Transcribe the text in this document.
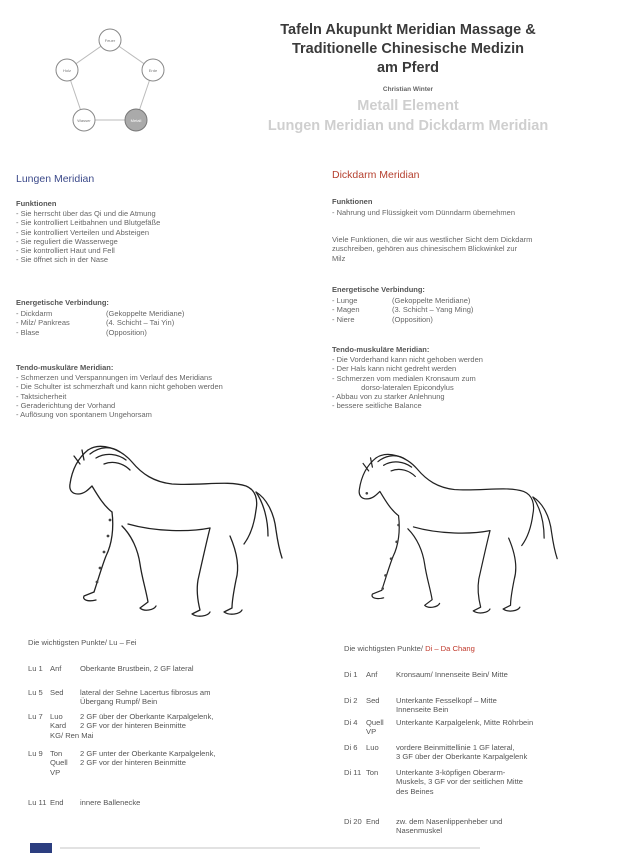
Feuer
Holz	Erde
Wasser	Metall
Tafeln Akupunkt Meridian Massage &
Traditionelle Chinesische Medizin
am Pferd
Christian Winter
Metall Element
Lungen Meridian und Dickdarm Meridian
Lungen Meridian
Funktionen
- Sie herrscht über das Qi und die Atmung
- Sie kontrolliert Leitbahnen und Blutgefäße
- Sie kontrolliert Verteilen und Absteigen
- Sie reguliert die Wasserwege
- Sie kontrolliert Haut und Fell
- Sie öffnet sich in der Nase
Energetische Verbindung:
- Dickdarm	(Gekoppelte Meridiane)
- Milz/ Pankreas	(4. Schicht – Tai Yin)
- Blase	(Opposition)
Tendo-muskuläre Meridian:
- Schmerzen und Verspannungen im Verlauf des Meridians
- Die Schulter ist schmerzhaft und kann nicht gehoben werden
- Taktsicherheit
- Geraderichtung der Vorhand
- Auflösung von spontanem Ungehorsam
Dickdarm Meridian
Funktionen
- Nahrung und Flüssigkeit vom Dünndarm übernehmen
Viele Funktionen, die wir aus westlicher Sicht dem Dickdarm
zuschreiben, gehören aus chinesischem Blickwinkel zur
Milz
Energetische Verbindung:
- Lunge	(Gekoppelte Meridiane)
- Magen	(3. Schicht – Yang Ming)
- Niere	(Opposition)
Tendo-muskuläre Meridian:
- Die Vorderhand kann nicht gehoben werden
- Der Hals kann nicht gedreht werden
- Schmerzen vom medialen Kronsaum zum
dorso-lateralen Epicondylus
- Abbau von zu starker Anlehnung
- bessere seitliche Balance
Die wichtigsten Punkte/ Lu – Fei
Lu 1 Anf Oberkante Brustbein, 2 GF lateral
Lu 5 Sed lateral der Sehne Lacertus fibrosus am
Übergang Rumpf/ Bein
Lu 7 Luo 2 GF über der Oberkante Karpalgelenk,
Kard 2 GF vor der hinteren Beinmitte
KG/ Ren Mai
Lu 9 Ton 2 GF unter der Oberkante Karpalgelenk,
Quell 2 GF vor der hinteren Beinmitte
VP
Lu 11 End innere Ballenecke
Die wichtigsten Punkte/ Di – Da Chang
Di 1 Anf Kronsaum/ Innenseite Bein/ Mitte
Di 2 Sed Unterkante Fesselkopf – Mitte
Innenseite Bein
Di 4 Quell Unterkante Karpalgelenk, Mitte Röhrbein
VP
Di 6 Luo vordere Beinmittellinie 1 GF lateral,
3 GF über der Oberkante Karpalgelenk
Di 11 Ton Unterkante 3-köpfigen Oberarm-
Muskels, 3 GF vor der seitlichen Mitte
des Beines
Di 20 End zw. dem Nasenlippenheber und
Nasenmuskel
